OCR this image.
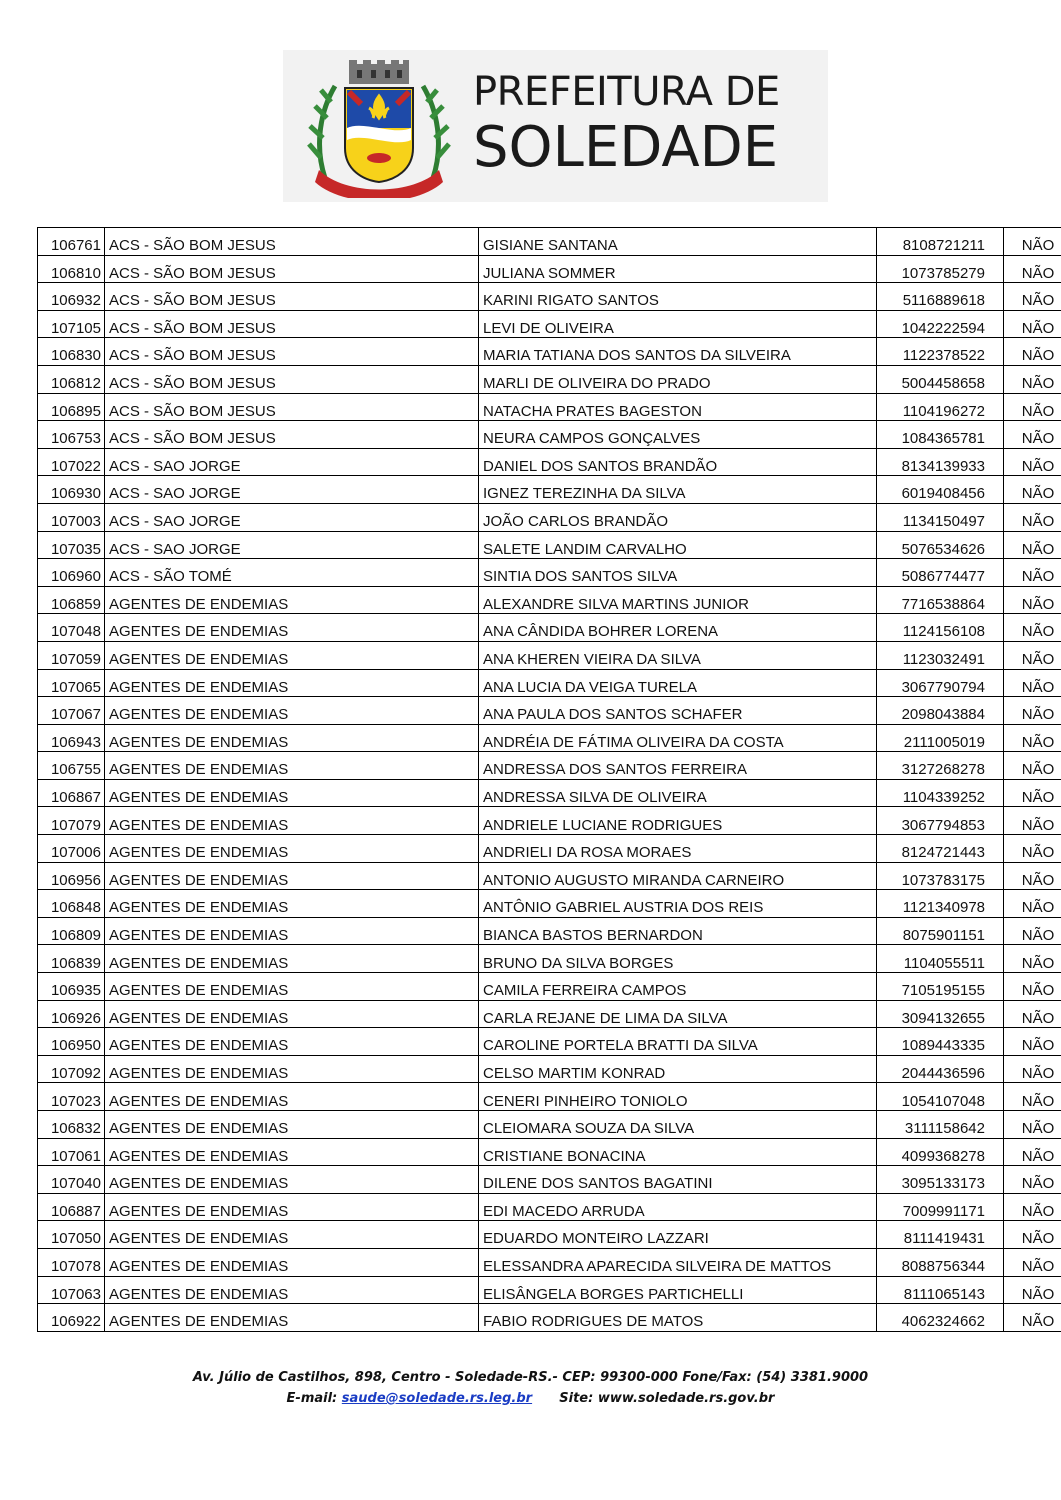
PREFEITURA DE
SOLEDADE
106761	ACS - SÃO BOM JESUS	GISIANE SANTANA	8108721211	NÃO
106810	ACS - SÃO BOM JESUS	JULIANA SOMMER	1073785279	NÃO
106932	ACS - SÃO BOM JESUS	KARINI RIGATO SANTOS	5116889618	NÃO
107105	ACS - SÃO BOM JESUS	LEVI DE OLIVEIRA	1042222594	NÃO
106830	ACS - SÃO BOM JESUS	MARIA TATIANA DOS SANTOS DA SILVEIRA	1122378522	NÃO
106812	ACS - SÃO BOM JESUS	MARLI DE OLIVEIRA DO PRADO	5004458658	NÃO
106895	ACS - SÃO BOM JESUS	NATACHA PRATES BAGESTON	1104196272	NÃO
106753	ACS - SÃO BOM JESUS	NEURA CAMPOS GONÇALVES	1084365781	NÃO
107022	ACS - SAO JORGE	DANIEL DOS SANTOS BRANDÃO	8134139933	NÃO
106930	ACS - SAO JORGE	IGNEZ TEREZINHA DA SILVA	6019408456	NÃO
107003	ACS - SAO JORGE	JOÃO CARLOS BRANDÃO	1134150497	NÃO
107035	ACS - SAO JORGE	SALETE LANDIM CARVALHO	5076534626	NÃO
106960	ACS - SÃO TOMÉ	SINTIA DOS SANTOS SILVA	5086774477	NÃO
106859	AGENTES DE ENDEMIAS	ALEXANDRE SILVA MARTINS JUNIOR	7716538864	NÃO
107048	AGENTES DE ENDEMIAS	ANA CÂNDIDA BOHRER LORENA	1124156108	NÃO
107059	AGENTES DE ENDEMIAS	ANA KHEREN VIEIRA DA SILVA	1123032491	NÃO
107065	AGENTES DE ENDEMIAS	ANA LUCIA DA VEIGA TURELA	3067790794	NÃO
107067	AGENTES DE ENDEMIAS	ANA PAULA DOS SANTOS SCHAFER	2098043884	NÃO
106943	AGENTES DE ENDEMIAS	ANDRÉIA DE FÁTIMA OLIVEIRA DA COSTA	2111005019	NÃO
106755	AGENTES DE ENDEMIAS	ANDRESSA DOS SANTOS FERREIRA	3127268278	NÃO
106867	AGENTES DE ENDEMIAS	ANDRESSA SILVA DE OLIVEIRA	1104339252	NÃO
107079	AGENTES DE ENDEMIAS	ANDRIELE LUCIANE RODRIGUES	3067794853	NÃO
107006	AGENTES DE ENDEMIAS	ANDRIELI DA ROSA MORAES	8124721443	NÃO
106956	AGENTES DE ENDEMIAS	ANTONIO AUGUSTO MIRANDA CARNEIRO	1073783175	NÃO
106848	AGENTES DE ENDEMIAS	ANTÔNIO GABRIEL AUSTRIA DOS REIS	1121340978	NÃO
106809	AGENTES DE ENDEMIAS	BIANCA BASTOS BERNARDON	8075901151	NÃO
106839	AGENTES DE ENDEMIAS	BRUNO DA SILVA BORGES	1104055511	NÃO
106935	AGENTES DE ENDEMIAS	CAMILA FERREIRA CAMPOS	7105195155	NÃO
106926	AGENTES DE ENDEMIAS	CARLA REJANE DE LIMA DA SILVA	3094132655	NÃO
106950	AGENTES DE ENDEMIAS	CAROLINE PORTELA BRATTI DA SILVA	1089443335	NÃO
107092	AGENTES DE ENDEMIAS	CELSO MARTIM KONRAD	2044436596	NÃO
107023	AGENTES DE ENDEMIAS	CENERI PINHEIRO TONIOLO	1054107048	NÃO
106832	AGENTES DE ENDEMIAS	CLEIOMARA SOUZA DA SILVA	3111158642	NÃO
107061	AGENTES DE ENDEMIAS	CRISTIANE BONACINA	4099368278	NÃO
107040	AGENTES DE ENDEMIAS	DILENE DOS SANTOS BAGATINI	3095133173	NÃO
106887	AGENTES DE ENDEMIAS	EDI MACEDO ARRUDA	7009991171	NÃO
107050	AGENTES DE ENDEMIAS	EDUARDO MONTEIRO LAZZARI	8111419431	NÃO
107078	AGENTES DE ENDEMIAS	ELESSANDRA APARECIDA SILVEIRA DE MATTOS	8088756344	NÃO
107063	AGENTES DE ENDEMIAS	ELISÂNGELA BORGES PARTICHELLI	8111065143	NÃO
106922	AGENTES DE ENDEMIAS	FABIO RODRIGUES DE MATOS	4062324662	NÃO
Av. Júlio de Castilhos, 898, Centro - Soledade-RS.- CEP: 99300-000 Fone/Fax: (54) 3381.9000
E-mail: saude@soledade.rs.leg.br Site: www.soledade.rs.gov.br
